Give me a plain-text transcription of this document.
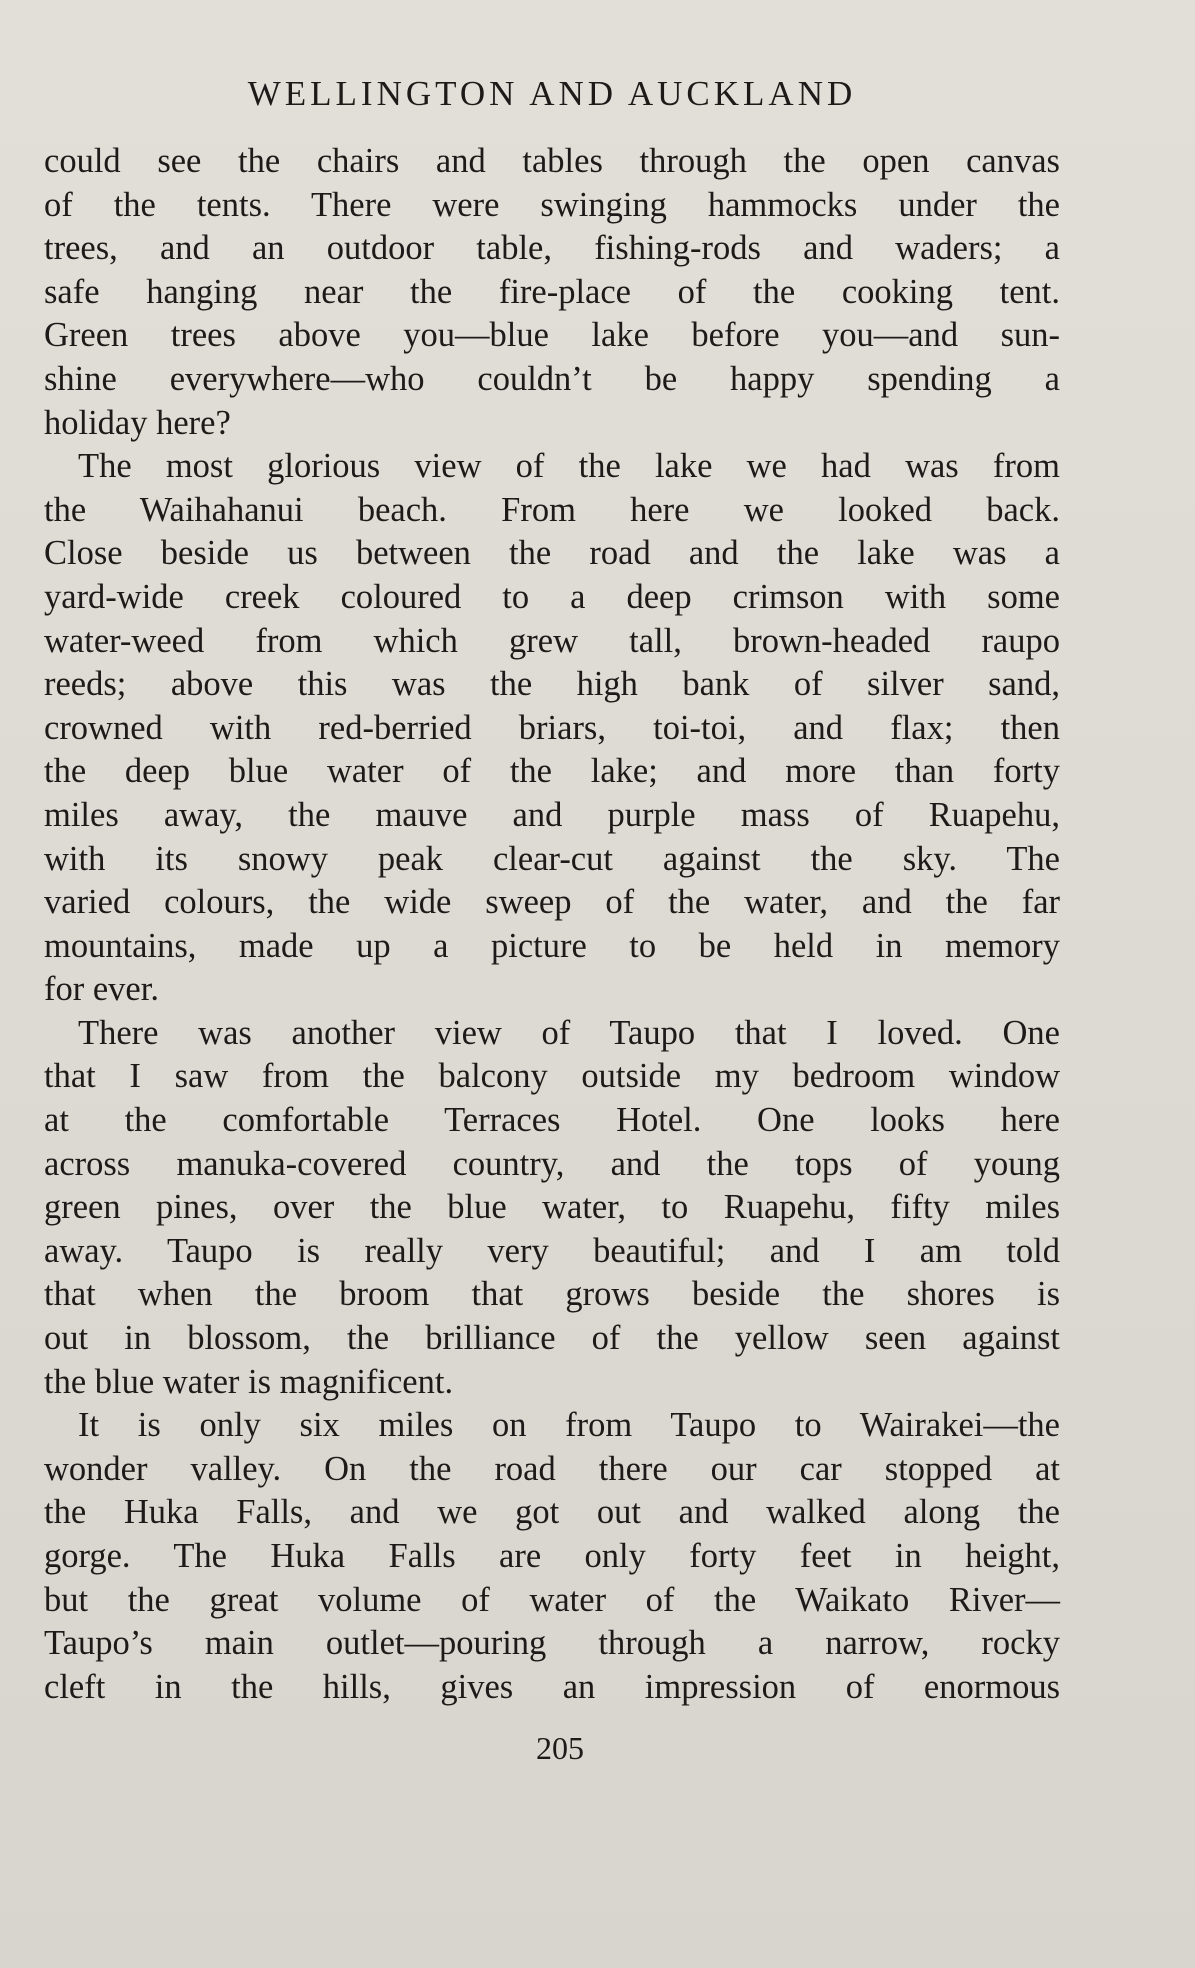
WELLINGTON AND AUCKLAND
could see the chairs and tables through the open canvas
of the tents. There were swinging hammocks under the
trees, and an outdoor table, fishing-rods and waders; a
safe hanging near the fire-place of the cooking tent.
Green trees above you—blue lake before you—and sun-
shine everywhere—who couldn’t be happy spending a
holiday here?
The most glorious view of the lake we had was from
the Waihahanui beach. From here we looked back.
Close beside us between the road and the lake was a
yard-wide creek coloured to a deep crimson with some
water-weed from which grew tall, brown-headed raupo
reeds; above this was the high bank of silver sand,
crowned with red-berried briars, toi-toi, and flax; then
the deep blue water of the lake; and more than forty
miles away, the mauve and purple mass of Ruapehu,
with its snowy peak clear-cut against the sky. The
varied colours, the wide sweep of the water, and the far
mountains, made up a picture to be held in memory
for ever.
There was another view of Taupo that I loved. One
that I saw from the balcony outside my bedroom window
at the comfortable Terraces Hotel. One looks here
across manuka-covered country, and the tops of young
green pines, over the blue water, to Ruapehu, fifty miles
away. Taupo is really very beautiful; and I am told
that when the broom that grows beside the shores is
out in blossom, the brilliance of the yellow seen against
the blue water is magnificent.
It is only six miles on from Taupo to Wairakei—the
wonder valley. On the road there our car stopped at
the Huka Falls, and we got out and walked along the
gorge. The Huka Falls are only forty feet in height,
but the great volume of water of the Waikato River—
Taupo’s main outlet—pouring through a narrow, rocky
cleft in the hills, gives an impression of enormous
205
